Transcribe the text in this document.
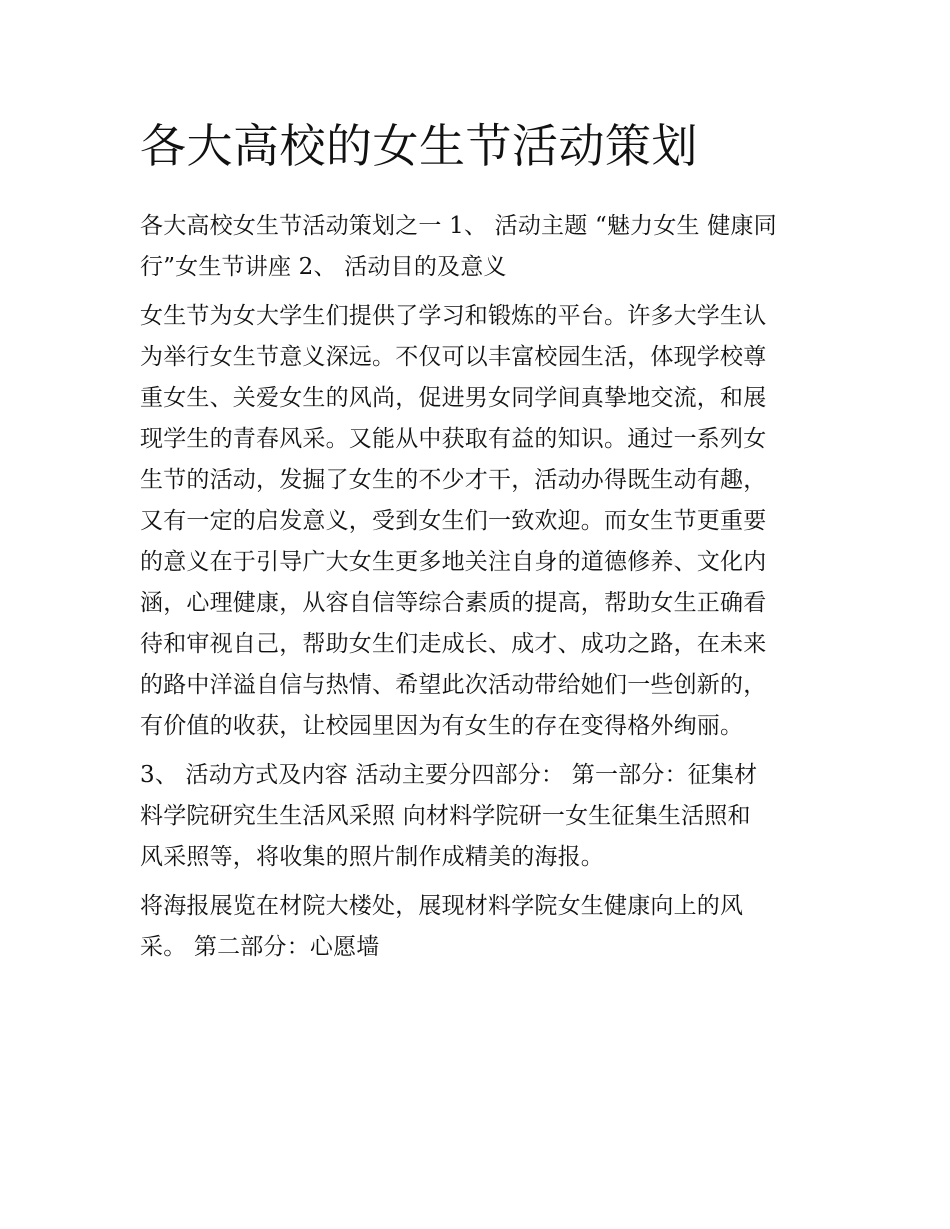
各大高校的女生节活动策划

各大高校女生节活动策划之一 1、 活动主题 “魅力女生 健康同
行”女生节讲座 2、 活动目的及意义

女生节为女大学生们提供了学习和锻炼的平台。许多大学生认
为举行女生节意义深远。不仅可以丰富校园生活，体现学校尊
重女生、关爱女生的风尚，促进男女同学间真挚地交流，和展
现学生的青春风采。又能从中获取有益的知识。通过一系列女
生节的活动，发掘了女生的不少才干，活动办得既生动有趣，
又有一定的启发意义，受到女生们一致欢迎。而女生节更重要
的意义在于引导广大女生更多地关注自身的道德修养、文化内
涵，心理健康，从容自信等综合素质的提高，帮助女生正确看
待和审视自己，帮助女生们走成长、成才、成功之路，在未来
的路中洋溢自信与热情、希望此次活动带给她们一些创新的，
有价值的收获，让校园里因为有女生的存在变得格外绚丽。

3、 活动方式及内容 活动主要分四部分： 第一部分：征集材
料学院研究生生活风采照 向材料学院研一女生征集生活照和
风采照等，将收集的照片制作成精美的海报。

将海报展览在材院大楼处，展现材料学院女生健康向上的风
采。 第二部分：心愿墙
